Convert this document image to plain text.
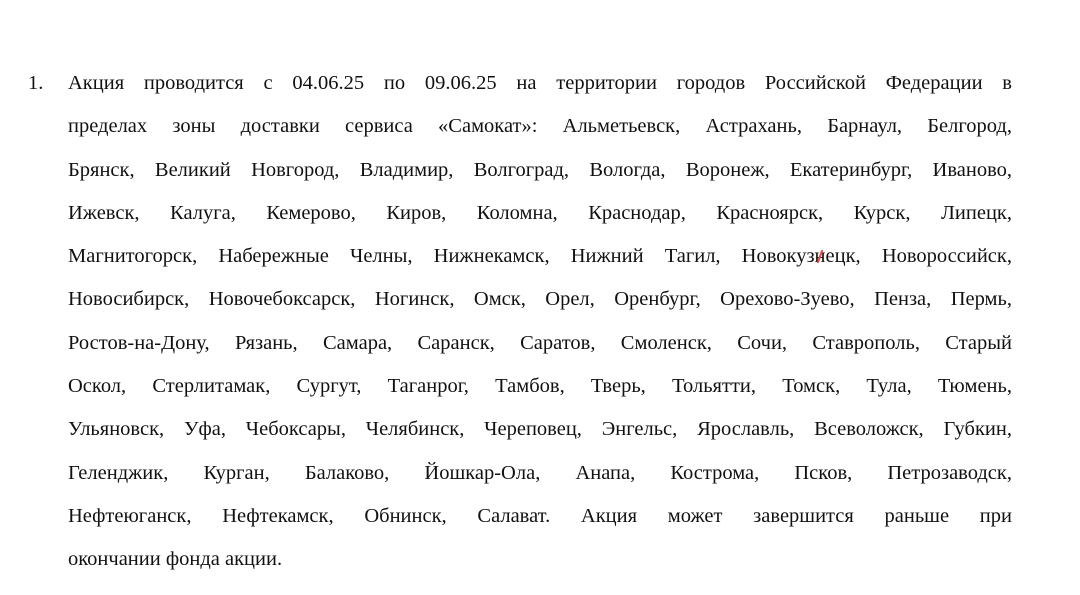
1. Акция проводится с 04.06.25 по 09.06.25 на территории городов Российской Федерации в
пределах зоны доставки сервиса «Самокат»: Альметьевск, Астрахань, Барнаул, Белгород,
Брянск, Великий Новгород, Владимир, Волгоград, Вологда, Воронеж, Екатеринбург, Иваново,
Ижевск, Калуга, Кемерово, Киров, Коломна, Краснодар, Красноярск, Курск, Липецк,
Магнитогорск, Набережные Челны, Нижнекамск, Нижний Тагил, Новокузнецк, Новороссийск,
Новосибирск, Новочебоксарск, Ногинск, Омск, Орел, Оренбург, Орехово-Зуево, Пенза, Пермь,
Ростов-на-Дону, Рязань, Самара, Саранск, Саратов, Смоленск, Сочи, Ставрополь, Старый
Оскол, Стерлитамак, Сургут, Таганрог, Тамбов, Тверь, Тольятти, Томск, Тула, Тюмень,
Ульяновск, Уфа, Чебоксары, Челябинск, Череповец, Энгельс, Ярославль, Всеволожск, Губкин,
Геленджик, Курган, Балаково, Йошкар-Ола, Анапа, Кострома, Псков, Петрозаводск,
Нефтеюганск, Нефтекамск, Обнинск, Салават. Акция может завершится раньше при
окончании фонда акции.
